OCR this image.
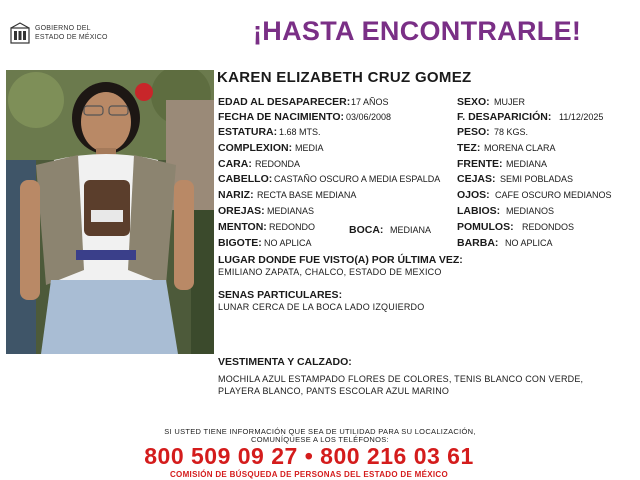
GOBIERNO DEL
ESTADO DE MÉXICO	¡HASTA ENCONTRARLE!
KAREN ELIZABETH CRUZ GOMEZ
EDAD AL DESAPARECER: 17 AÑOS
FECHA DE NACIMIENTO: 03/06/2008
ESTATURA: 1.68 MTS.
COMPLEXION: MEDIA
CARA: REDONDA
CABELLO: CASTAÑO OSCURO A MEDIA ESPALDA
NARIZ: RECTA BASE MEDIANA
OREJAS: MEDIANAS
MENTON: REDONDO	BOCA: MEDIANA
BIGOTE: NO APLICA
SEXO: MUJER
F. DESAPARICIÓN: 11/12/2025
PESO: 78 KGS.
TEZ: MORENA CLARA
FRENTE: MEDIANA
CEJAS: SEMI POBLADAS
OJOS: CAFE OSCURO MEDIANOS
LABIOS: MEDIANOS
POMULOS: REDONDOS
BARBA: NO APLICA
LUGAR DONDE FUE VISTO(A) POR ÚLTIMA VEZ:
EMILIANO ZAPATA, CHALCO, ESTADO DE MEXICO
SENAS PARTICULARES:
LUNAR CERCA DE LA BOCA LADO IZQUIERDO
VESTIMENTA Y CALZADO:
MOCHILA AZUL ESTAMPADO FLORES DE COLORES, TENIS BLANCO CON VERDE,
PLAYERA BLANCO, PANTS ESCOLAR AZUL MARINO
SI USTED TIENE INFORMACIÓN QUE SEA DE UTILIDAD PARA SU LOCALIZACIÓN,
COMUNÍQUESE A LOS TELÉFONOS:
800 509 09 27 • 800 216 03 61
COMISIÓN DE BÚSQUEDA DE PERSONAS DEL ESTADO DE MÉXICO
